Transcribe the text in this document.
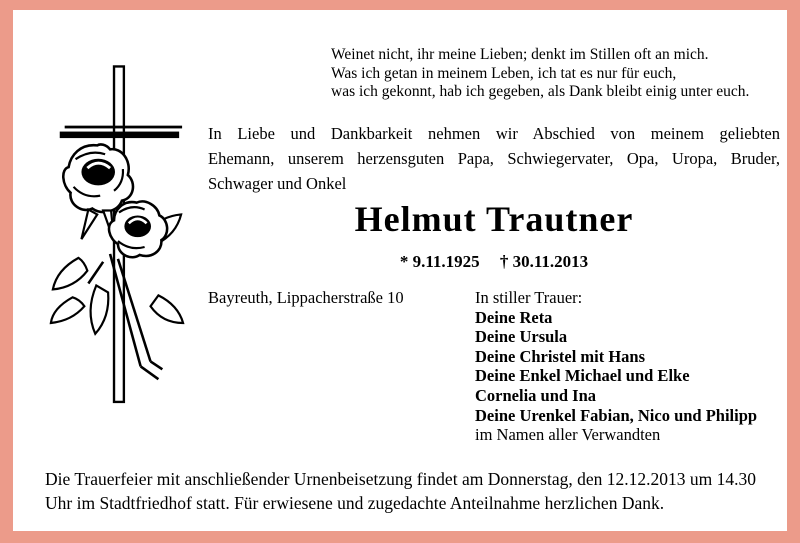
Weinet nicht, ihr meine Lieben; denkt im Stillen oft an mich.
Was ich getan in meinem Leben, ich tat es nur für euch,
was ich gekonnt, hab ich gegeben, als Dank bleibt einig unter euch.
In Liebe und Dankbarkeit nehmen wir Abschied von meinem geliebten
Ehemann, unserem herzensguten Papa, Schwiegervater, Opa, Uropa, Bruder,
Schwager und Onkel
Helmut Trautner
* 9.11.1925 † 30.11.2013
Bayreuth, Lippacherstraße 10	In stiller Trauer:
Deine Reta
Deine Ursula
Deine Christel mit Hans
Deine Enkel Michael und Elke
Cornelia und Ina
Deine Urenkel Fabian, Nico und Philipp
im Namen aller Verwandten
Die Trauerfeier mit anschließender Urnenbeisetzung findet am Donnerstag, den 12.12.2013 um 14.30
Uhr im Stadtfriedhof statt. Für erwiesene und zugedachte Anteilnahme herzlichen Dank.
